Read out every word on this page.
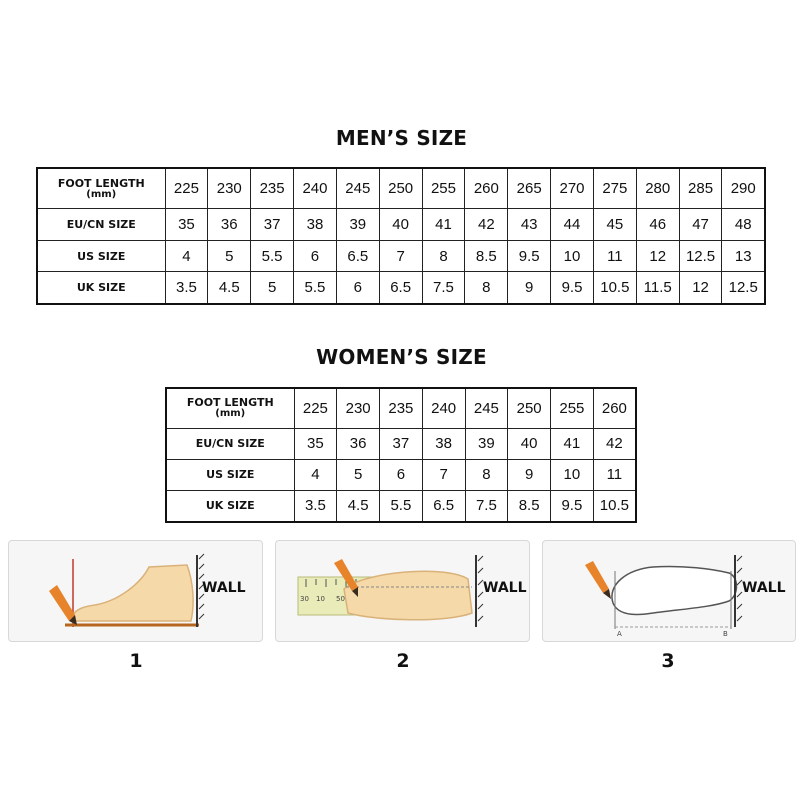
MEN’S SIZE
FOOT LENGTH
(mm)	225	230	235	240	245	250	255	260	265	270	275	280	285	290
EU/CN SIZE	35	36	37	38	39	40	41	42	43	44	45	46	47	48
US SIZE	4	5	5.5	6	6.5	7	8	8.5	9.5	10	11	12	12.5	13
UK SIZE	3.5	4.5	5	5.5	6	6.5	7.5	8	9	9.5	10.5	11.5	12	12.5
WOMEN’S SIZE
FOOT LENGTH
(mm)	225	230	235	240	245	250	255	260
EU/CN SIZE	35	36	37	38	39	40	41	42
US SIZE	4	5	6	7	8	9	10	11
UK SIZE	3.5	4.5	5.5	6.5	7.5	8.5	9.5	10.5
WALL
1
30 10 50
WALL
2
A	B
WALL
3
